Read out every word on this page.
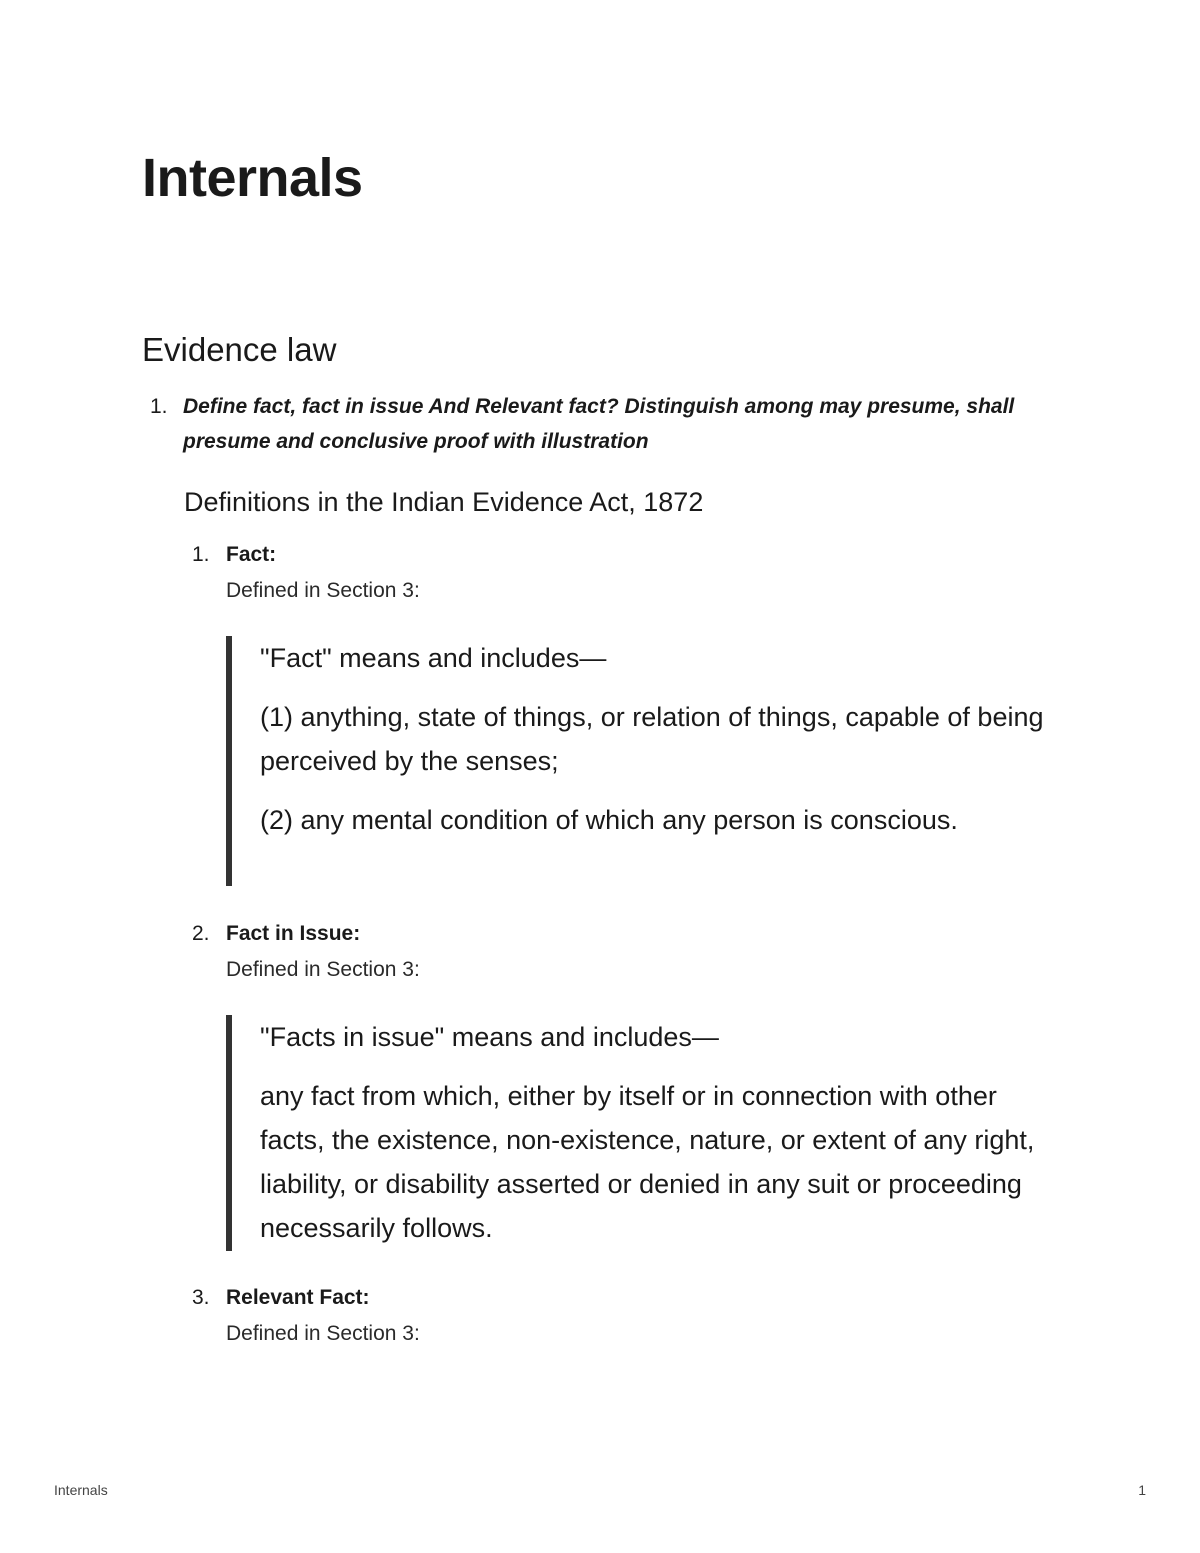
Internals
Evidence law
1. Define fact, fact in issue And Relevant fact? Distinguish among may presume, shall presume and conclusive proof with illustration
Definitions in the Indian Evidence Act, 1872
1. Fact:
Defined in Section 3:

"Fact" means and includes—

(1) anything, state of things, or relation of things, capable of being perceived by the senses;

(2) any mental condition of which any person is conscious.

2. Fact in Issue:
Defined in Section 3:

"Facts in issue" means and includes—

any fact from which, either by itself or in connection with other facts, the existence, non-existence, nature, or extent of any right, liability, or disability asserted or denied in any suit or proceeding necessarily follows.

3. Relevant Fact:
Defined in Section 3:
Internals	1
